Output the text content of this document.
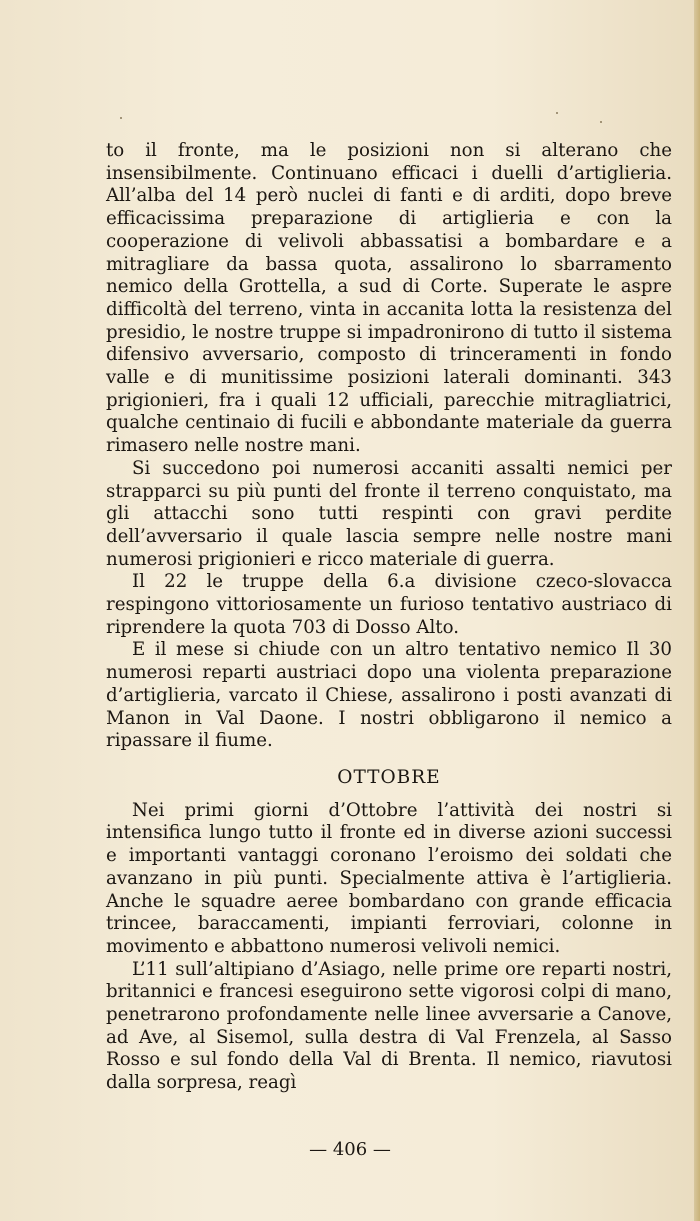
to il fronte, ma le posizioni non si alterano che insensibilmente. Continuano efficaci i duelli d’artiglieria. All’alba del 14 però nuclei di fanti e di arditi, dopo breve efficacissima preparazione di artiglieria e con la cooperazione di velivoli abbassatisi a bombardare e a mitragliare da bassa quota, assalirono lo sbarramento nemico della Grottella, a sud di Corte. Superate le aspre difficoltà del terreno, vinta in accanita lotta la resistenza del presidio, le nostre truppe si impadronirono di tutto il sistema difensivo avversario, composto di trinceramenti in fondo valle e di munitissime posizioni laterali dominanti. 343 prigionieri, fra i quali 12 ufficiali, parecchie mitragliatrici, qualche centinaio di fucili e abbondante materiale da guerra rimasero nelle nostre mani.

Si succedono poi numerosi accaniti assalti nemici per strapparci su più punti del fronte il terreno conquistato, ma gli attacchi sono tutti respinti con gravi perdite dell’avversario il quale lascia sempre nelle nostre mani numerosi prigionieri e ricco materiale di guerra.

Il 22 le truppe della 6.a divisione czeco-slovacca respingono vittoriosamente un furioso tentativo austriaco di riprendere la quota 703 di Dosso Alto.

E il mese si chiude con un altro tentativo nemico Il 30 numerosi reparti austriaci dopo una violenta preparazione d’artiglieria, varcato il Chiese, assalirono i posti avanzati di Manon in Val Daone. I nostri obbligarono il nemico a ripassare il fiume.

OTTOBRE

Nei primi giorni d’Ottobre l’attività dei nostri si intensifica lungo tutto il fronte ed in diverse azioni successi e importanti vantaggi coronano l’eroismo dei soldati che avanzano in più punti. Specialmente attiva è l’artiglieria. Anche le squadre aeree bombardano con grande efficacia trincee, baraccamenti, impianti ferroviari, colonne in movimento e abbattono numerosi velivoli nemici.

L’11 sull’altipiano d’Asiago, nelle prime ore reparti nostri, britannici e francesi eseguirono sette vigorosi colpi di mano, penetrarono profondamente nelle linee avversarie a Canove, ad Ave, al Sisemol, sulla destra di Val Frenzela, al Sasso Rosso e sul fondo della Val di Brenta. Il nemico, riavutosi dalla sorpresa, reagì

— 406 —
